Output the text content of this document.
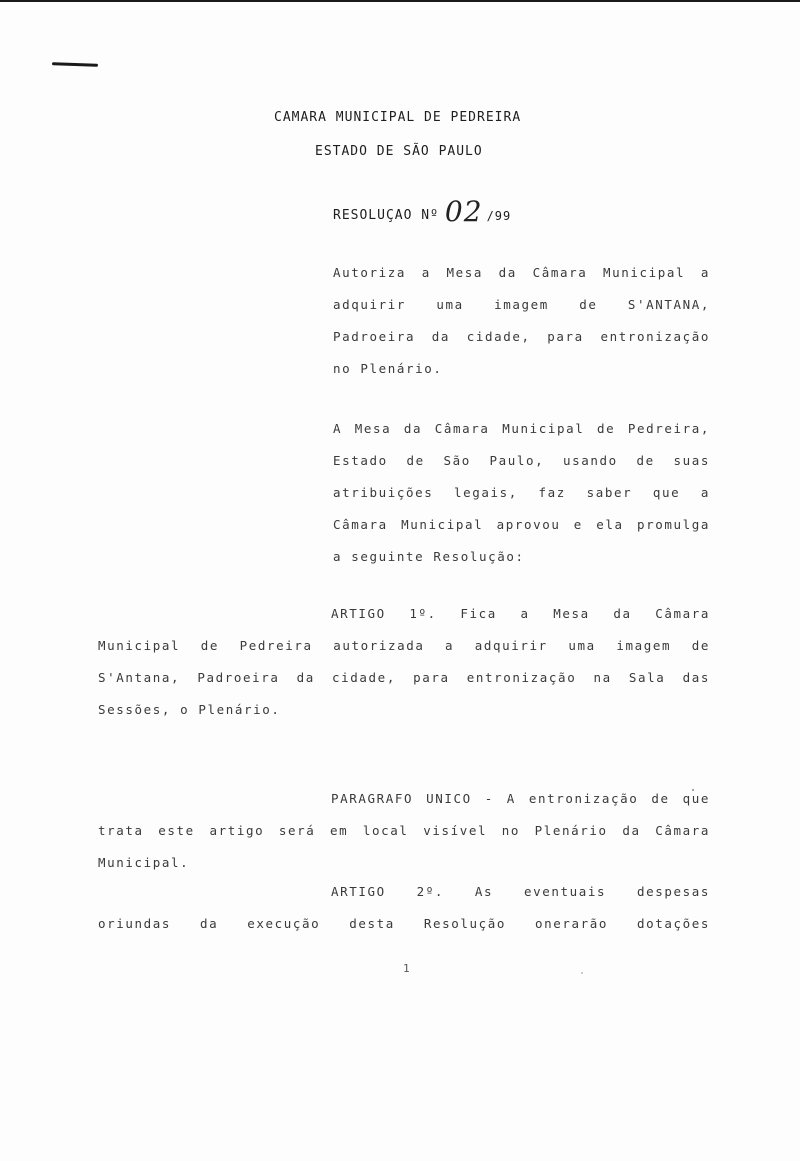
CAMARA MUNICIPAL DE PEDREIRA
ESTADO DE SÃO PAULO
RESOLUÇAO Nº 02 /99
Autoriza a Mesa da Câmara Municipal a
adquirir uma imagem de S'ANTANA,
Padroeira da cidade, para entronização
no Plenário.
A Mesa da Câmara Municipal de Pedreira,
Estado de São Paulo, usando de suas
atribuições legais, faz saber que a
Câmara Municipal aprovou e ela promulga
a seguinte Resolução:
ARTIGO 1º. Fica a Mesa da Câmara
Municipal de Pedreira autorizada a adquirir uma imagem de
S'Antana, Padroeira da cidade, para entronização na Sala das
Sessões, o Plenário.
PARAGRAFO UNICO - A entronização de que
trata este artigo será em local visível no Plenário da Câmara
Municipal.
ARTIGO 2º. As eventuais despesas
oriundas da execução desta Resolução onerarão dotações
1
